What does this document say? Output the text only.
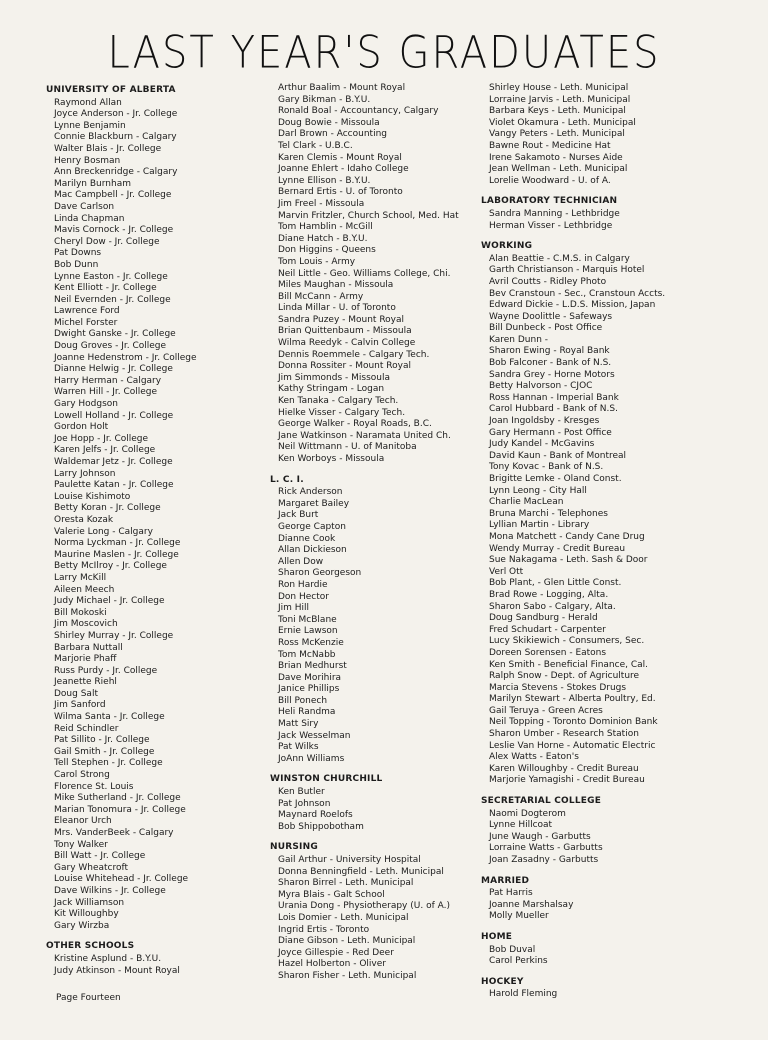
LAST YEAR'S GRADUATES
UNIVERSITY OF ALBERTA
Raymond Allan
Joyce Anderson - Jr. College
Lynne Benjamin
Connie Blackburn - Calgary
Walter Blais - Jr. College
Henry Bosman
Ann Breckenridge - Calgary
Marilyn Burnham
Mac Campbell - Jr. College
Dave Carlson
Linda Chapman
Mavis Cornock - Jr. College
Cheryl Dow - Jr. College
Pat Downs
Bob Dunn
Lynne Easton - Jr. College
Kent Elliott - Jr. College
Neil Evernden - Jr. College
Lawrence Ford
Michel Forster
Dwight Ganske - Jr. College
Doug Groves - Jr. College
Joanne Hedenstrom - Jr. College
Dianne Helwig - Jr. College
Harry Herman - Calgary
Warren Hill - Jr. College
Gary Hodgson
Lowell Holland - Jr. College
Gordon Holt
Joe Hopp - Jr. College
Karen Jelfs - Jr. College
Waldemar Jetz - Jr. College
Larry Johnson
Paulette Katan - Jr. College
Louise Kishimoto
Betty Koran - Jr. College
Oresta Kozak
Valerie Long - Calgary
Norma Lyckman - Jr. College
Maurine Maslen - Jr. College
Betty McIlroy - Jr. College
Larry McKill
Aileen Meech
Judy Michael - Jr. College
Bill Mokoski
Jim Moscovich
Shirley Murray - Jr. College
Barbara Nuttall
Marjorie Phaff
Russ Purdy - Jr. College
Jeanette Riehl
Doug Salt
Jim Sanford
Wilma Santa - Jr. College
Reid Schindler
Pat Sillito - Jr. College
Gail Smith - Jr. College
Tell Stephen - Jr. College
Carol Strong
Florence St. Louis
Mike Sutherland - Jr. College
Marian Tonomura - Jr. College
Eleanor Urch
Mrs. VanderBeek - Calgary
Tony Walker
Bill Watt - Jr. College
Gary Wheatcroft
Louise Whitehead - Jr. College
Dave Wilkins - Jr. College
Jack Williamson
Kit Willoughby
Gary Wirzba
OTHER SCHOOLS
Kristine Asplund - B.Y.U.
Judy Atkinson - Mount Royal
Arthur Baalim - Mount Royal
Gary Bikman - B.Y.U.
Ronald Boal - Accountancy, Calgary
Doug Bowie - Missoula
Darl Brown - Accounting
Tel Clark - U.B.C.
Karen Clemis - Mount Royal
Joanne Ehlert - Idaho College
Lynne Ellison - B.Y.U.
Bernard Ertis - U. of Toronto
Jim Freel - Missoula
Marvin Fritzler, Church School, Med. Hat
Tom Hamblin - McGill
Diane Hatch - B.Y.U.
Don Higgins - Queens
Tom Louis - Army
Neil Little - Geo. Williams College, Chi.
Miles Maughan - Missoula
Bill McCann - Army
Linda Millar - U. of Toronto
Sandra Puzey - Mount Royal
Brian Quittenbaum - Missoula
Wilma Reedyk - Calvin College
Dennis Roemmele - Calgary Tech.
Donna Rossiter - Mount Royal
Jim Simmonds - Missoula
Kathy Stringam - Logan
Ken Tanaka - Calgary Tech.
Hielke Visser - Calgary Tech.
George Walker - Royal Roads, B.C.
Jane Watkinson - Naramata United Ch.
Neil Wittmann - U. of Manitoba
Ken Worboys - Missoula
L. C. I.
Rick Anderson
Margaret Bailey
Jack Burt
George Capton
Dianne Cook
Allan Dickieson
Allen Dow
Sharon Georgeson
Ron Hardie
Don Hector
Jim Hill
Toni McBlane
Ernie Lawson
Ross McKenzie
Tom McNabb
Brian Medhurst
Dave Morihira
Janice Phillips
Bill Ponech
Heli Randma
Matt Siry
Jack Wesselman
Pat Wilks
JoAnn Williams
WINSTON CHURCHILL
Ken Butler
Pat Johnson
Maynard Roelofs
Bob Shippobotham
NURSING
Gail Arthur - University Hospital
Donna Benningfield - Leth. Municipal
Sharon Birrel - Leth. Municipal
Myra Blais - Galt School
Urania Dong - Physiotherapy (U. of A.)
Lois Domier - Leth. Municipal
Ingrid Ertis - Toronto
Diane Gibson - Leth. Municipal
Joyce Gillespie - Red Deer
Hazel Holberton - Oliver
Sharon Fisher - Leth. Municipal
Shirley House - Leth. Municipal
Lorraine Jarvis - Leth. Municipal
Barbara Keys - Leth. Municipal
Violet Okamura - Leth. Municipal
Vangy Peters - Leth. Municipal
Bawne Rout - Medicine Hat
Irene Sakamoto - Nurses Aide
Jean Wellman - Leth. Municipal
Lorelie Woodward - U. of A.
LABORATORY TECHNICIAN
Sandra Manning - Lethbridge
Herman Visser - Lethbridge
WORKING
Alan Beattie - C.M.S. in Calgary
Garth Christianson - Marquis Hotel
Avril Coutts - Ridley Photo
Bev Cranstoun - Sec., Cranstoun Accts.
Edward Dickie - L.D.S. Mission, Japan
Wayne Doolittle - Safeways
Bill Dunbeck - Post Office
Karen Dunn -
Sharon Ewing - Royal Bank
Bob Falconer - Bank of N.S.
Sandra Grey - Horne Motors
Betty Halvorson - CJOC
Ross Hannan - Imperial Bank
Carol Hubbard - Bank of N.S.
Joan Ingoldsby - Kresges
Gary Hermann - Post Office
Judy Kandel - McGavins
David Kaun - Bank of Montreal
Tony Kovac - Bank of N.S.
Brigitte Lemke - Oland Const.
Lynn Leong - City Hall
Charlie MacLean
Bruna Marchi - Telephones
Lyllian Martin - Library
Mona Matchett - Candy Cane Drug
Wendy Murray - Credit Bureau
Sue Nakagama - Leth. Sash & Door
Verl Ott
Bob Plant, - Glen Little Const.
Brad Rowe - Logging, Alta.
Sharon Sabo - Calgary, Alta.
Doug Sandburg - Herald
Fred Schudart - Carpenter
Lucy Skikiewich - Consumers, Sec.
Doreen Sorensen - Eatons
Ken Smith - Beneficial Finance, Cal.
Ralph Snow - Dept. of Agriculture
Marcia Stevens - Stokes Drugs
Marilyn Stewart - Alberta Poultry, Ed.
Gail Teruya - Green Acres
Neil Topping - Toronto Dominion Bank
Sharon Umber - Research Station
Leslie Van Horne - Automatic Electric
Alex Watts - Eaton's
Karen Willoughby - Credit Bureau
Marjorie Yamagishi - Credit Bureau
SECRETARIAL COLLEGE
Naomi Dogterom
Lynne Hillcoat
June Waugh - Garbutts
Lorraine Watts - Garbutts
Joan Zasadny - Garbutts
MARRIED
Pat Harris
Joanne Marshalsay
Molly Mueller
HOME
Bob Duval
Carol Perkins
HOCKEY
Harold Fleming
Page Fourteen
